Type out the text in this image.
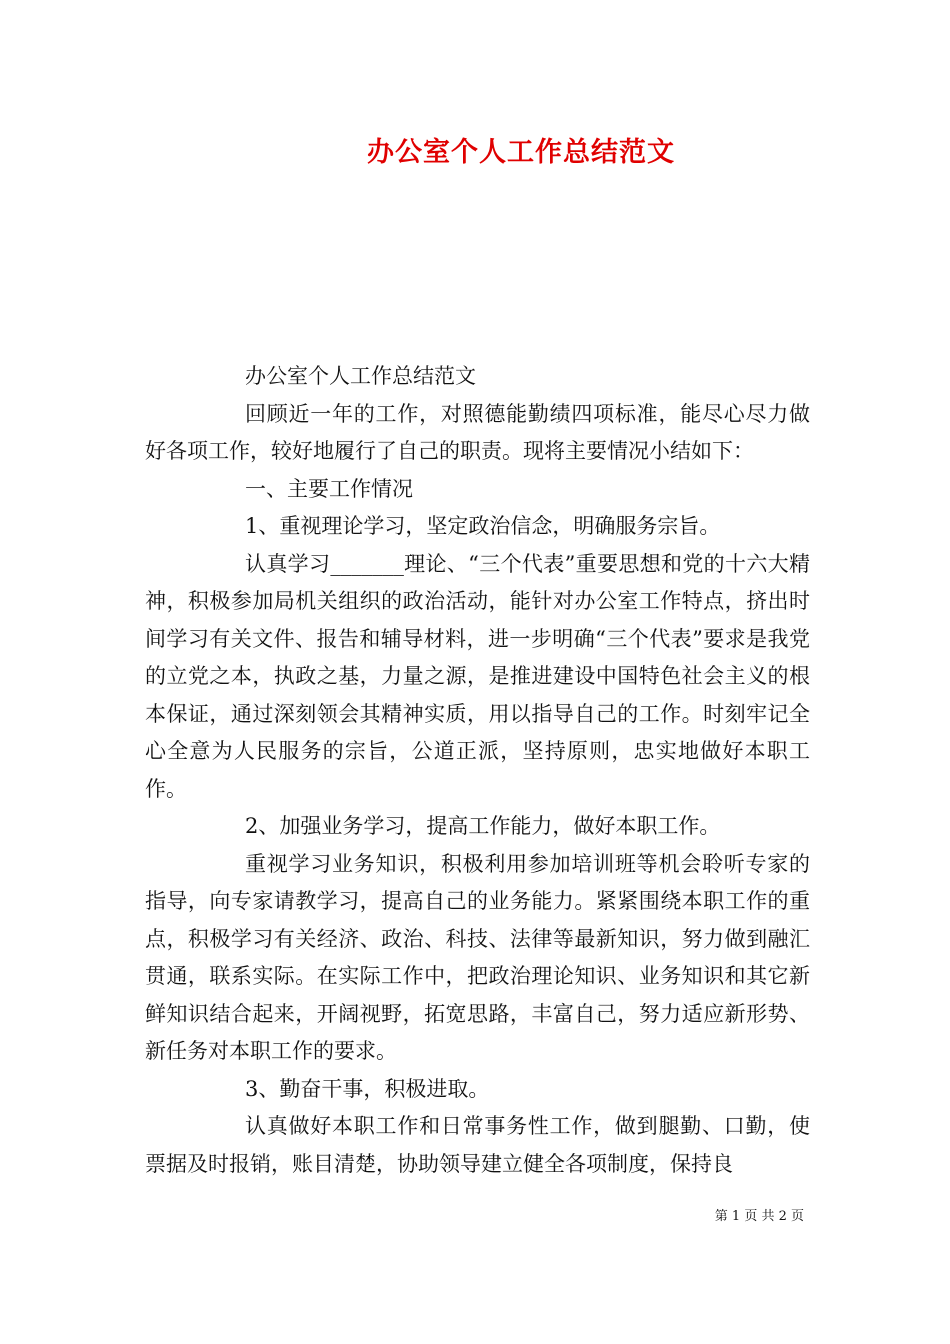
办公室个人工作总结范文

办公室个人工作总结范文

回顾近一年的工作，对照德能勤绩四项标准，能尽心尽力做好各项工作，较好地履行了自己的职责。现将主要情况小结如下：

一、主要工作情况

1、重视理论学习，坚定政治信念，明确服务宗旨。

认真学习_______理论、“三个代表”重要思想和党的十六大精神，积极参加局机关组织的政治活动，能针对办公室工作特点，挤出时间学习有关文件、报告和辅导材料，进一步明确“三个代表”要求是我党的立党之本，执政之基，力量之源，是推进建设中国特色社会主义的根本保证，通过深刻领会其精神实质，用以指导自己的工作。时刻牢记全心全意为人民服务的宗旨，公道正派，坚持原则，忠实地做好本职工作。

2、加强业务学习，提高工作能力，做好本职工作。

重视学习业务知识，积极利用参加培训班等机会聆听专家的指导，向专家请教学习，提高自己的业务能力。紧紧围绕本职工作的重点，积极学习有关经济、政治、科技、法律等最新知识，努力做到融汇贯通，联系实际。在实际工作中，把政治理论知识、业务知识和其它新鲜知识结合起来，开阔视野，拓宽思路，丰富自己，努力适应新形势、新任务对本职工作的要求。

3、勤奋干事，积极进取。

认真做好本职工作和日常事务性工作，做到腿勤、口勤，使票据及时报销，账目清楚，协助领导建立健全各项制度，保持良

第 1 页 共 2 页
